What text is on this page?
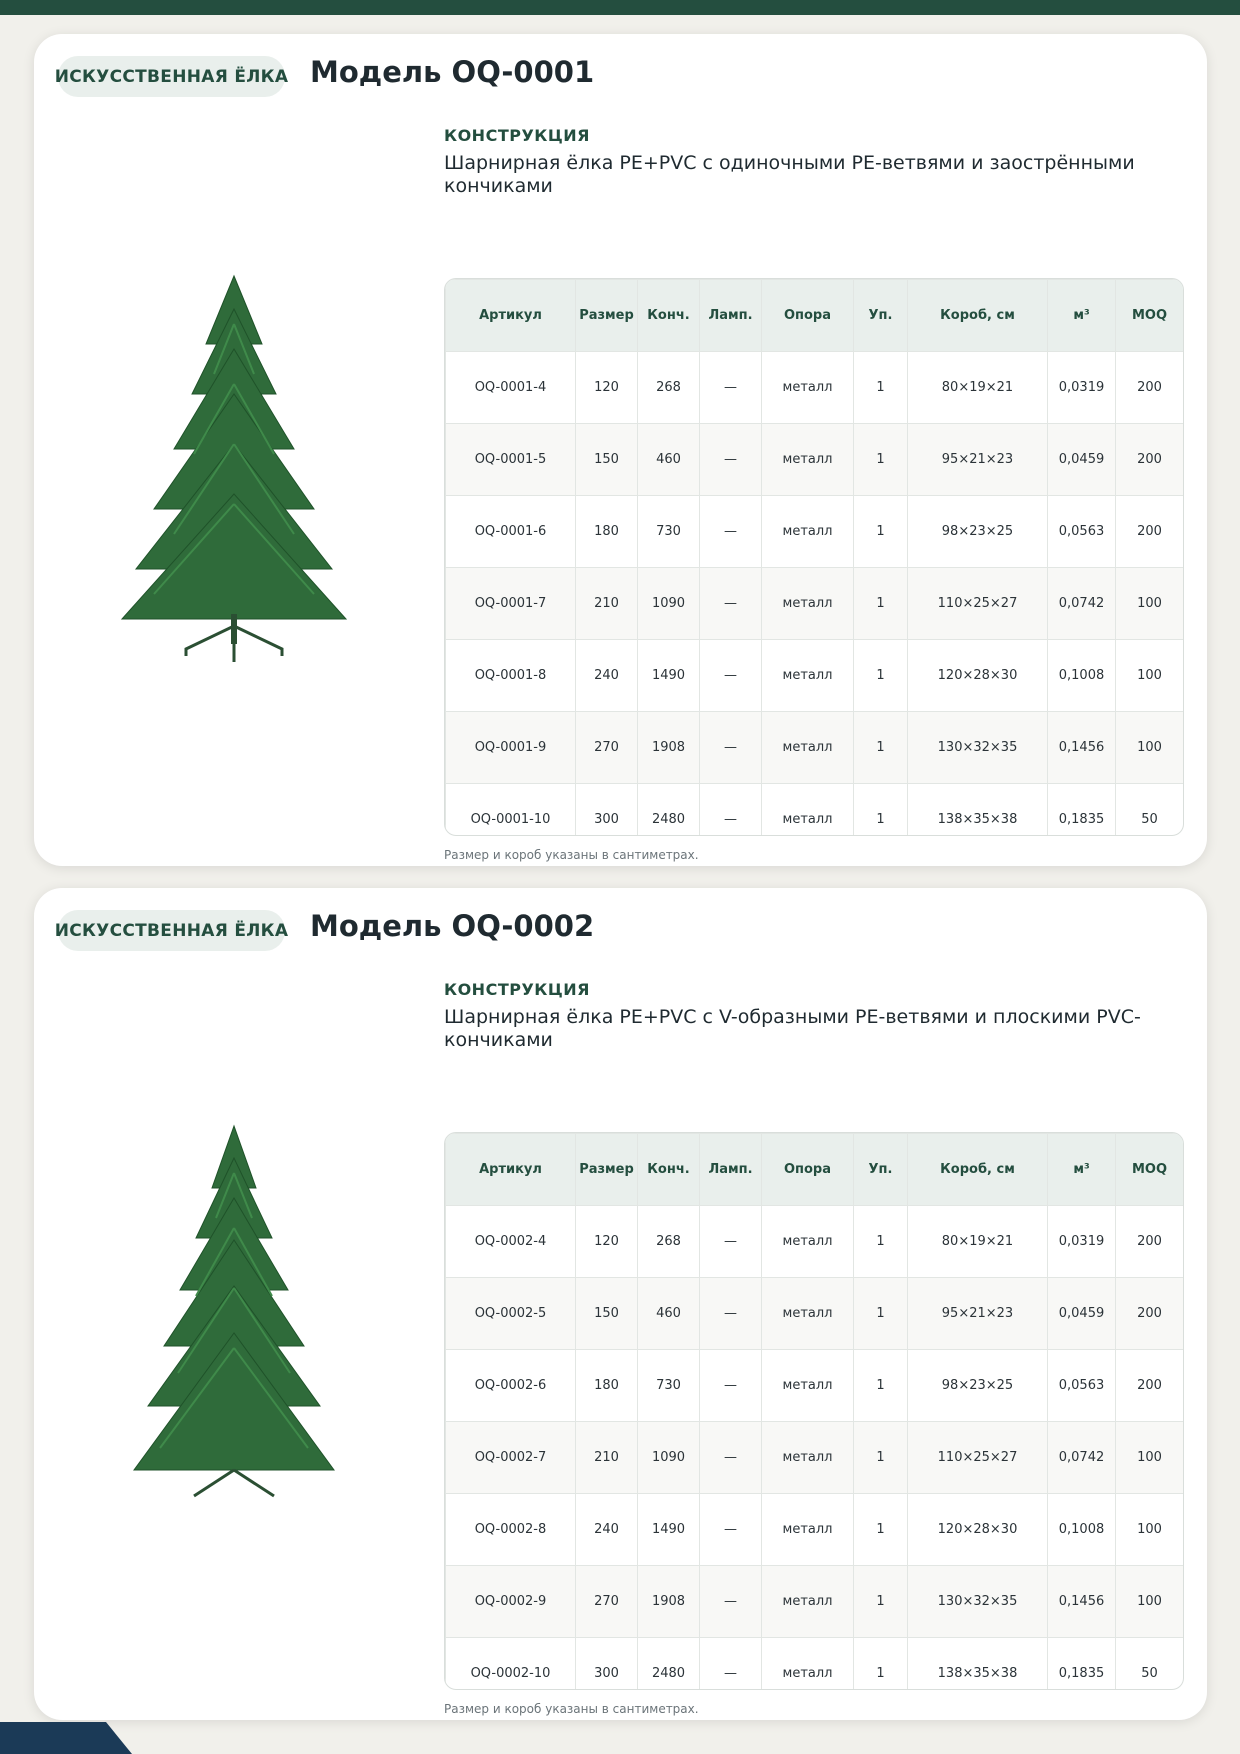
ИСКУССТВЕННАЯ ЁЛКА Модель OQ-0001
КОНСТРУКЦИЯ
Шарнирная ёлка PE+PVC с одиночными PE-ветвями и заострёнными кончиками
Артикул	Размер	Конч.	Ламп.	Опора	Уп.	Короб, см	м³	MOQ
OQ-0001-4	120	268	—	металл	1	80×19×21	0,0319	200
OQ-0001-5	150	460	—	металл	1	95×21×23	0,0459	200
OQ-0001-6	180	730	—	металл	1	98×23×25	0,0563	200
OQ-0001-7	210	1090	—	металл	1	110×25×27	0,0742	100
OQ-0001-8	240	1490	—	металл	1	120×28×30	0,1008	100
OQ-0001-9	270	1908	—	металл	1	130×32×35	0,1456	100
OQ-0001-10	300	2480	—	металл	1	138×35×38	0,1835	50
Размер и короб указаны в сантиметрах.
ИСКУССТВЕННАЯ ЁЛКА Модель OQ-0002
КОНСТРУКЦИЯ
Шарнирная ёлка PE+PVC с V-образными PE-ветвями и плоскими PVC-кончиками
Артикул	Размер	Конч.	Ламп.	Опора	Уп.	Короб, см	м³	MOQ
OQ-0002-4	120	268	—	металл	1	80×19×21	0,0319	200
OQ-0002-5	150	460	—	металл	1	95×21×23	0,0459	200
OQ-0002-6	180	730	—	металл	1	98×23×25	0,0563	200
OQ-0002-7	210	1090	—	металл	1	110×25×27	0,0742	100
OQ-0002-8	240	1490	—	металл	1	120×28×30	0,1008	100
OQ-0002-9	270	1908	—	металл	1	130×32×35	0,1456	100
OQ-0002-10	300	2480	—	металл	1	138×35×38	0,1835	50
Размер и короб указаны в сантиметрах.
